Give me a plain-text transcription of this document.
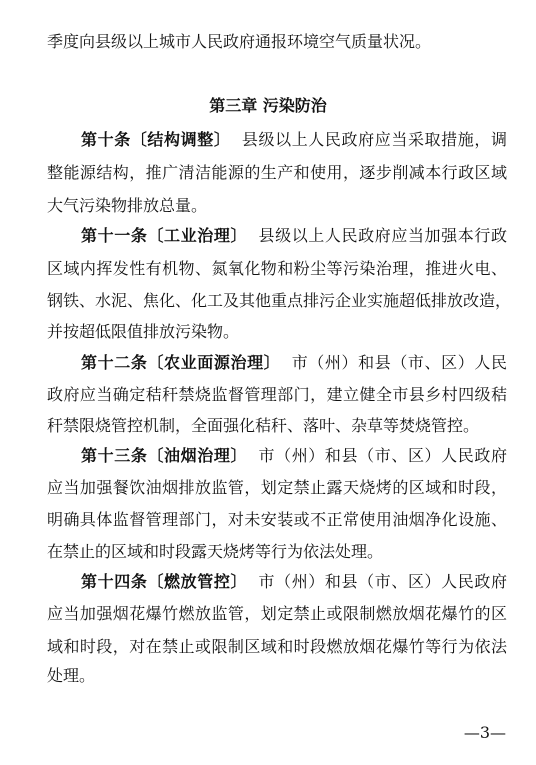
季度向县级以上城市人民政府通报环境空气质量状况。
第三章 污染防治
第十条〔结构调整〕 县级以上人民政府应当采取措施，调
整能源结构，推广清洁能源的生产和使用，逐步削减本行政区域
大气污染物排放总量。
第十一条〔工业治理〕 县级以上人民政府应当加强本行政
区域内挥发性有机物、氮氧化物和粉尘等污染治理，推进火电、
钢铁、水泥、焦化、化工及其他重点排污企业实施超低排放改造，
并按超低限值排放污染物。
第十二条〔农业面源治理〕 市（州）和县（市、区）人民
政府应当确定秸秆禁烧监督管理部门，建立健全市县乡村四级秸
秆禁限烧管控机制，全面强化秸秆、落叶、杂草等焚烧管控。
第十三条〔油烟治理〕 市（州）和县（市、区）人民政府
应当加强餐饮油烟排放监管，划定禁止露天烧烤的区域和时段，
明确具体监督管理部门，对未安装或不正常使用油烟净化设施、
在禁止的区域和时段露天烧烤等行为依法处理。
第十四条〔燃放管控〕 市（州）和县（市、区）人民政府
应当加强烟花爆竹燃放监管，划定禁止或限制燃放烟花爆竹的区
域和时段，对在禁止或限制区域和时段燃放烟花爆竹等行为依法
处理。
—3—
